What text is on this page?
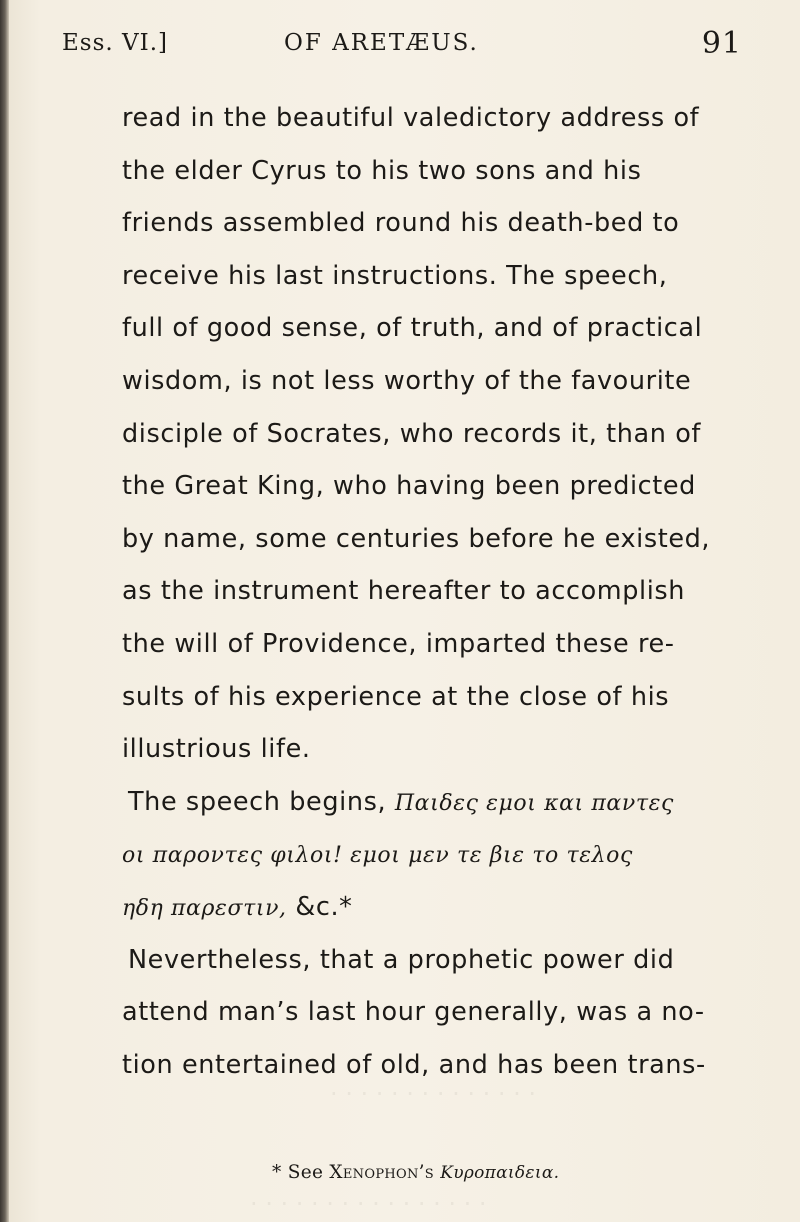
· · · · · · · · · · · · · ·
· · · · · · · · · · · · · · · ·
Ess. VI.]	OF ARETÆUS.	91
read in the beautiful valedictory address of
the elder Cyrus to his two sons and his
friends assembled round his death-bed to
receive his last instructions. The speech,
full of good sense, of truth, and of practical
wisdom, is not less worthy of the favourite
disciple of Socrates, who records it, than of
the Great King, who having been predicted
by name, some centuries before he existed,
as the instrument hereafter to accomplish
the will of Providence, imparted these re-
sults of his experience at the close of his
illustrious life.
The speech begins, Παιδες εμοι και παντες
οι παροντες φιλοι! εμοι μεν τε βιε το τελος
ηδη παρεστιν, &c.*
Nevertheless, that a prophetic power did
attend man’s last hour generally, was a no-
tion entertained of old, and has been trans-
* See Xenophon’s Κυροπαιδεια.
